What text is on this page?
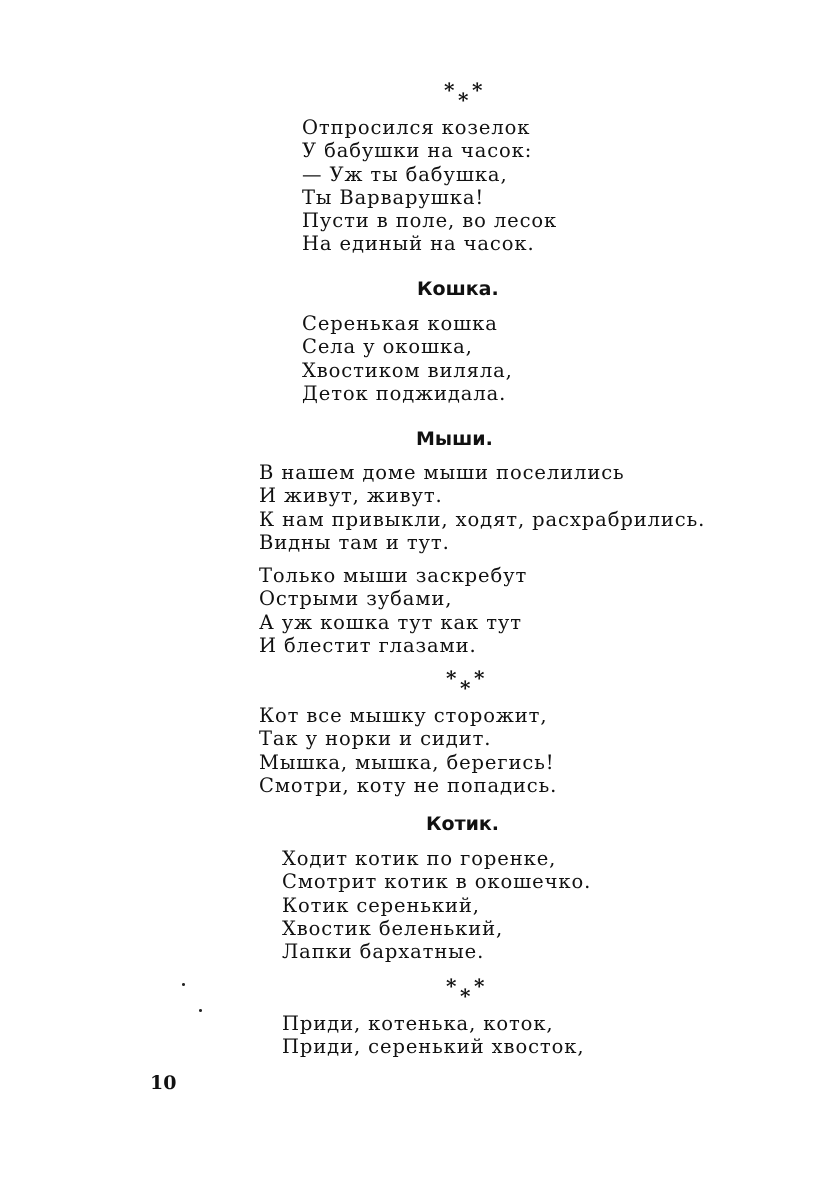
* * *
Отпросился козелок
У бабушки на часок:
— Уж ты бабушка,
Ты Варварушка!
Пусти в поле, во лесок
На единый на часок.
Кошка.
Серенькая кошка
Села у окошка,
Хвостиком виляла,
Деток поджидала.
Мыши.
В нашем доме мыши поселились
И живут, живут.
К нам привыкли, ходят, расхрабрились.
Видны там и тут.
Только мыши заскребут
Острыми зубами,
А уж кошка тут как тут
И блестит глазами.
* * *
Кот все мышку сторожит,
Так у норки и сидит.
Мышка, мышка, берегись!
Смотри, коту не попадись.
Котик.
Ходит котик по горенке,
Смотрит котик в окошечко.
Котик серенький,
Хвостик беленький,
Лапки бархатные.
* * *
Приди, котенька, коток,
Приди, серенький хвосток,
10
